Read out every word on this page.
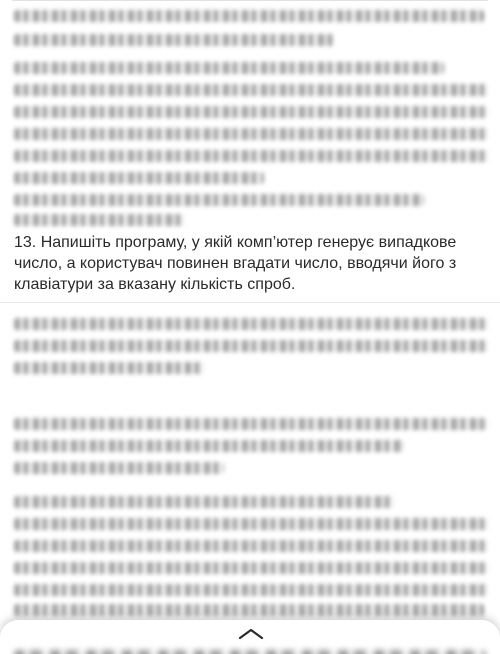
13. Напишіть програму, у якій комп’ютер генерує випадкове число, а користувач повинен вгадати число, вводячи його з клавіатури за вказану кількість спроб.
